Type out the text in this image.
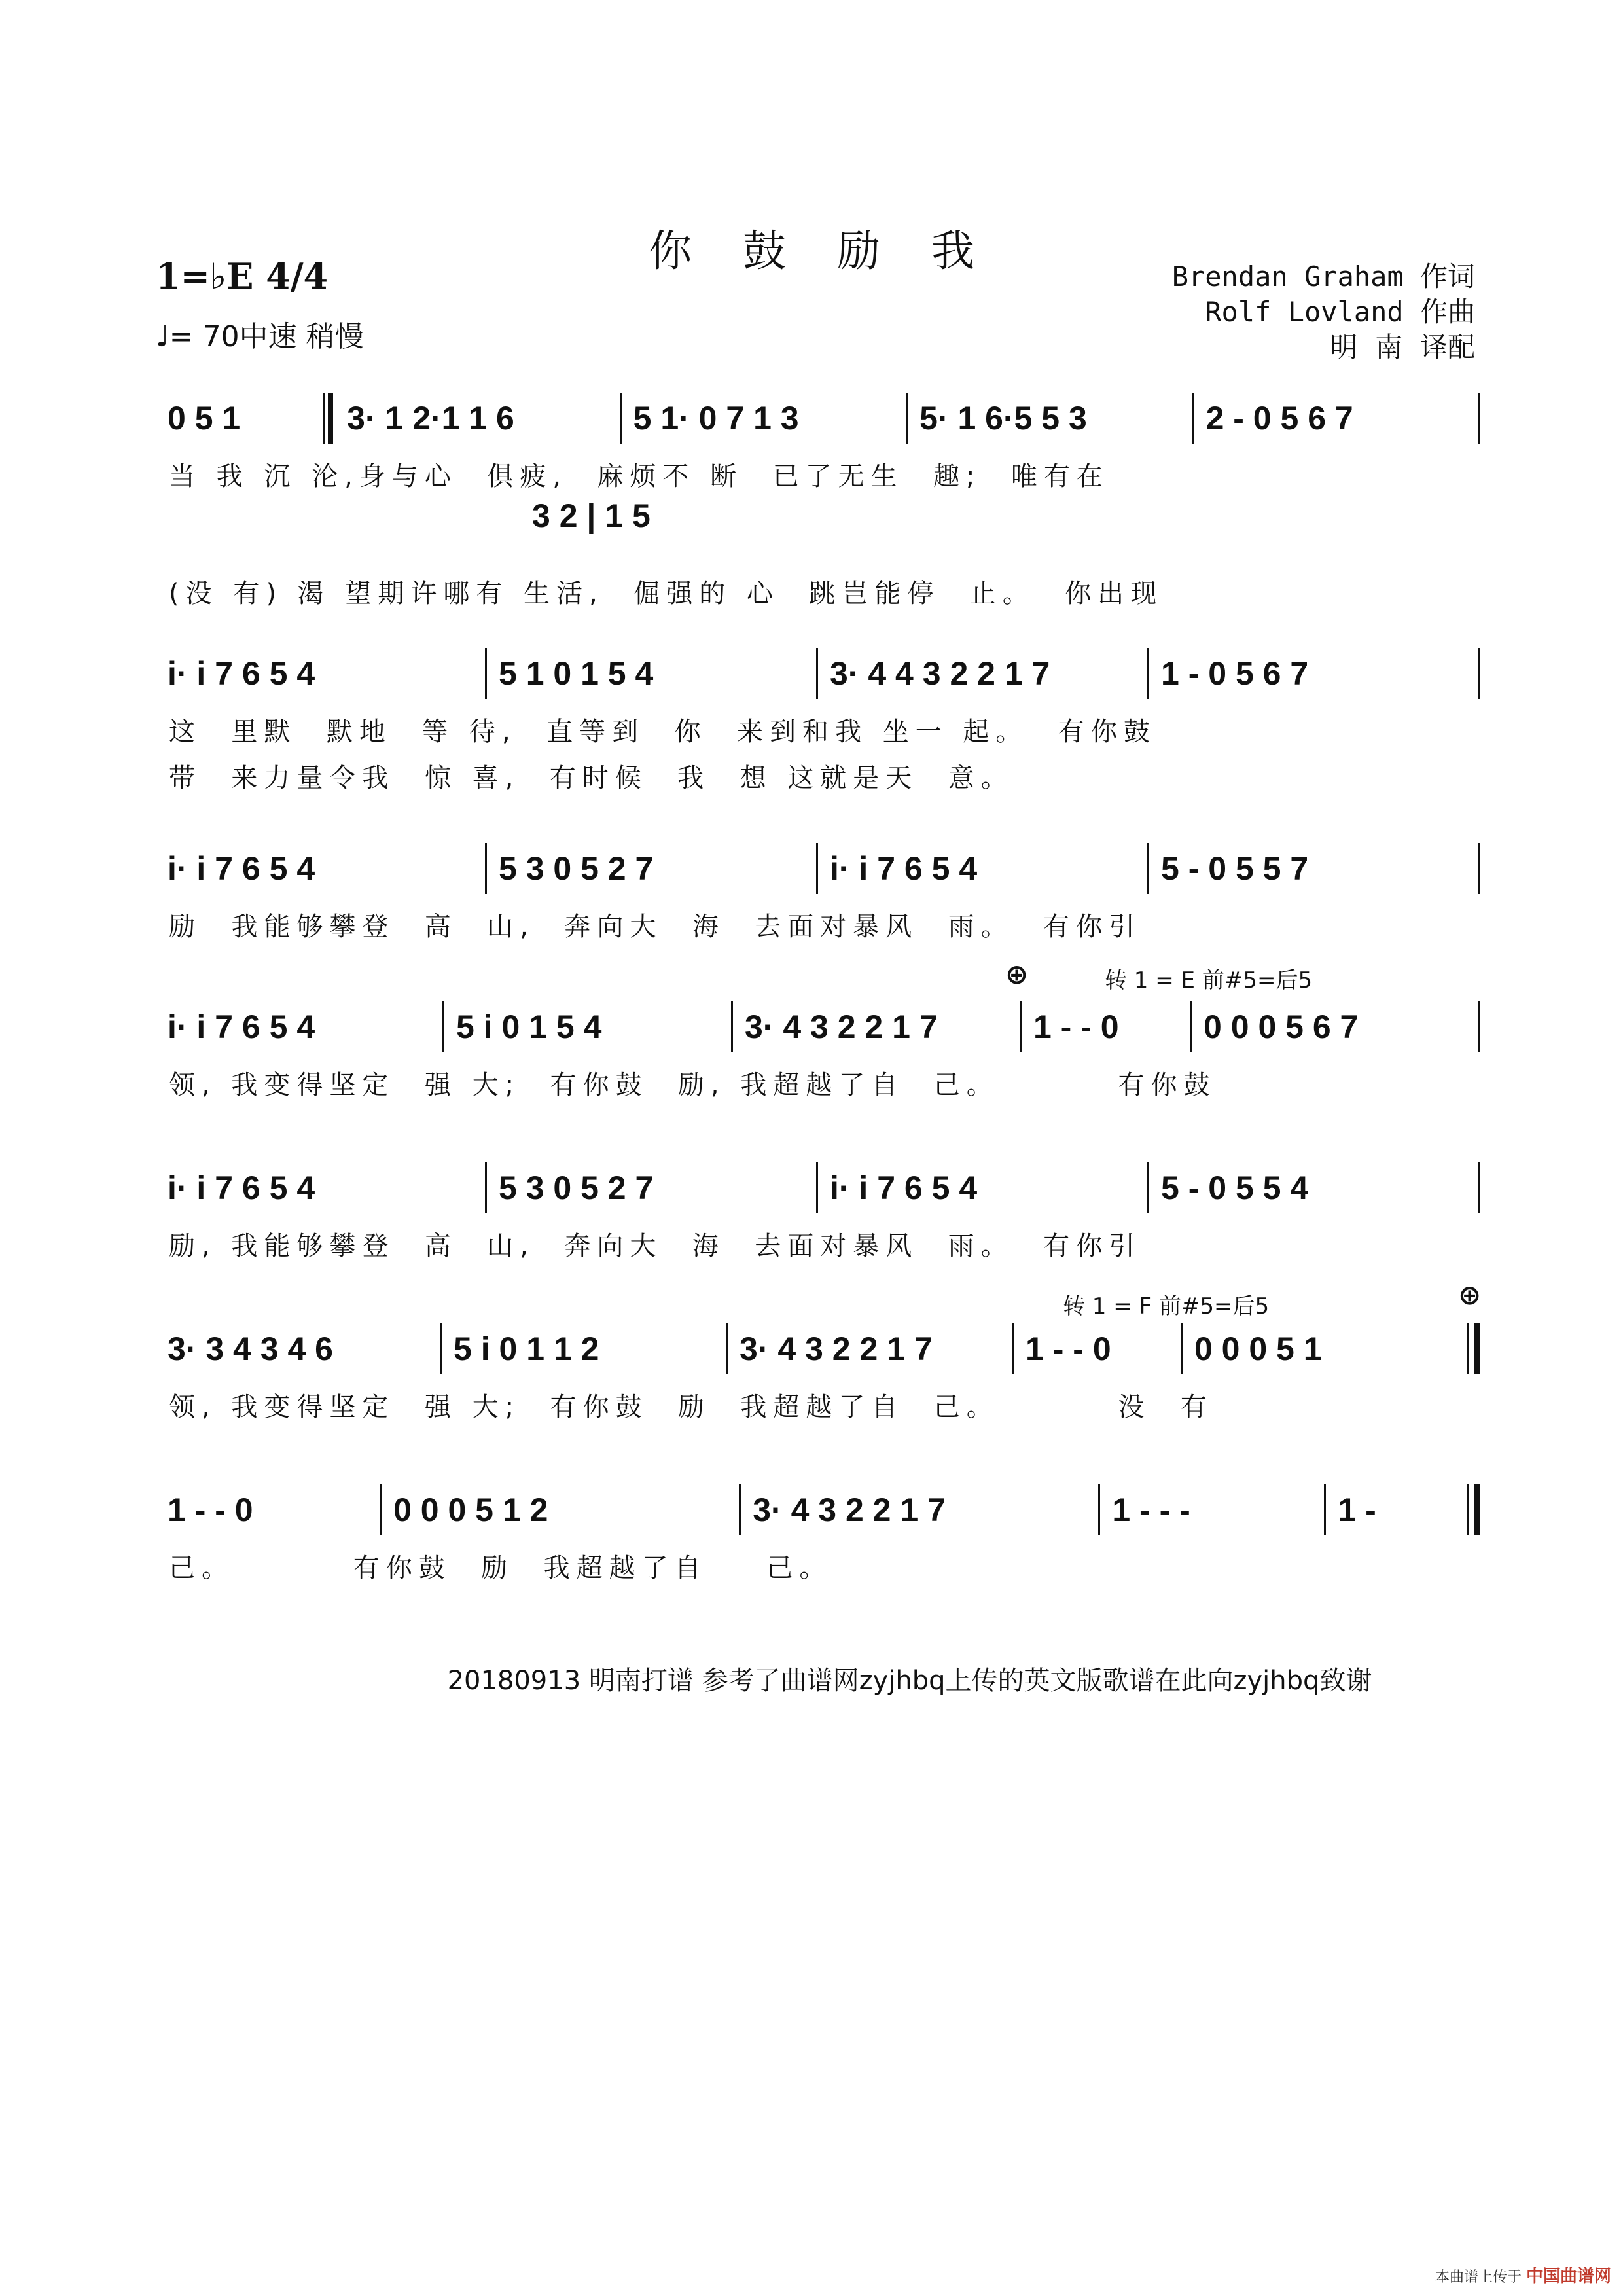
你鼓励我
1=♭E 4/4
♩= 70中速 稍慢
Brendan Graham 作词
Rolf Lovland 作曲
明  南  译配
0 5 1	3· 1 2·1 1 6	5 1· 0 7 1 3	5· 1 6·5 5 3	2 - 0 5 6 7
当 我 沉 沦,身与心  俱疲,  麻烦不 断  已了无生  趣;  唯有在
3 2 | 1 5
(没 有) 渴 望期许哪有 生活,  倔强的 心  跳岂能停  止。  你出现
i· i 7 6 5 4	5 1 0 1 5 4	3· 4 4 3 2 2 1 7	1 - 0 5 6 7
这  里默  默地  等 待,  直等到  你  来到和我 坐一 起。  有你鼓
带  来力量令我  惊 喜,  有时候  我  想 这就是天  意。
i· i 7 6 5 4	5 3 0 5 2 7	i· i 7 6 5 4	5 - 0 5 5 7
励  我能够攀登  高  山,  奔向大  海  去面对暴风  雨。  有你引
⊕	转 1 = E 前#5=后5
i· i 7 6 5 4	5 i 0 1 5 4	3· 4 3 2 2 1 7	1 - - 0	0 0 0 5 6 7
领, 我变得坚定  强 大;  有你鼓  励, 我超越了自  己。        有你鼓
i· i 7 6 5 4	5 3 0 5 2 7	i· i 7 6 5 4	5 - 0 5 5 4
励, 我能够攀登  高  山,  奔向大  海  去面对暴风  雨。  有你引
⊕
转 1 = F 前#5=后5
3· 3 4 3 4 6	5 i 0 1 1 2	3· 4 3 2 2 1 7	1 - - 0	0 0 0 5 1
领, 我变得坚定  强 大;  有你鼓  励  我超越了自  己。        没  有
1 - - 0	0 0 0 5 1 2	3· 4 3 2 2 1 7	1 - - -	1 -
己。        有你鼓  励  我超越了自    己。
20180913 明南打谱 参考了曲谱网zyjhbq上传的英文版歌谱在此向zyjhbq致谢
本曲谱上传于 中国曲谱网
